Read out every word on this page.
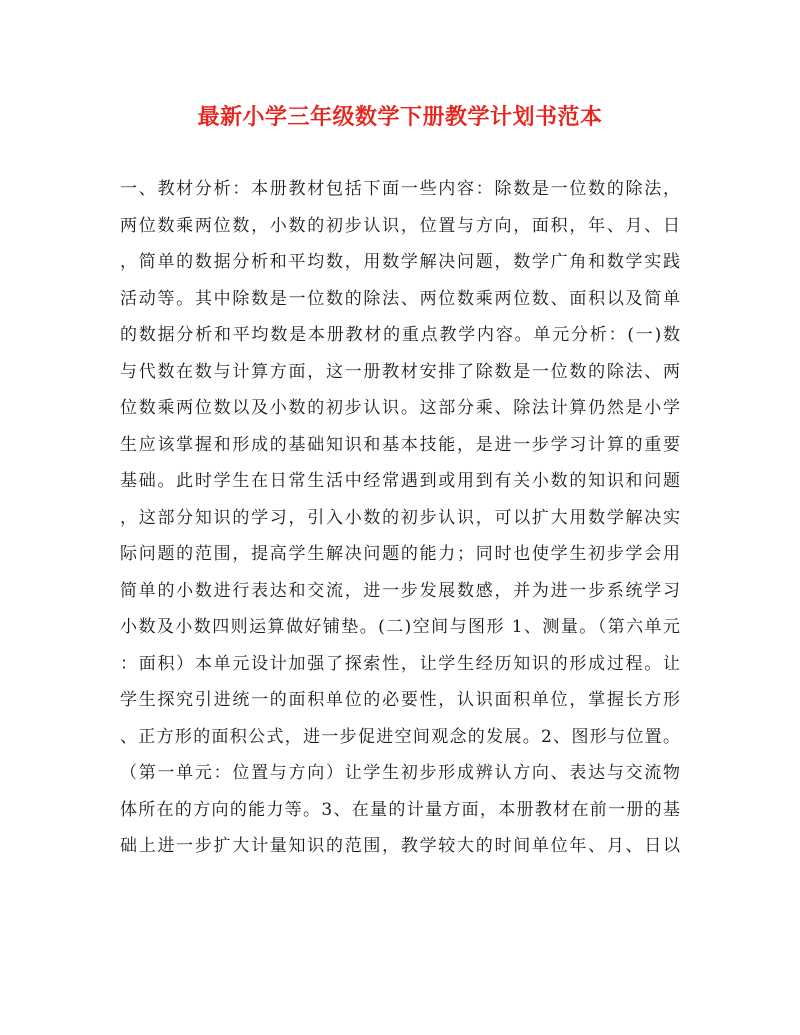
最新小学三年级数学下册教学计划书范本
一、教材分析：本册教材包括下面一些内容：除数是一位数的除法，
两位数乘两位数，小数的初步认识，位置与方向，面积，年、月、日
，简单的数据分析和平均数，用数学解决问题，数学广角和数学实践
活动等。其中除数是一位数的除法、两位数乘两位数、面积以及简单
的数据分析和平均数是本册教材的重点教学内容。单元分析：(一)数
与代数在数与计算方面，这一册教材安排了除数是一位数的除法、两
位数乘两位数以及小数的初步认识。这部分乘、除法计算仍然是小学
生应该掌握和形成的基础知识和基本技能，是进一步学习计算的重要
基础。此时学生在日常生活中经常遇到或用到有关小数的知识和问题
，这部分知识的学习，引入小数的初步认识，可以扩大用数学解决实
际问题的范围，提高学生解决问题的能力；同时也使学生初步学会用
简单的小数进行表达和交流，进一步发展数感，并为进一步系统学习
小数及小数四则运算做好铺垫。(二)空间与图形 1、测量。（第六单元
：面积）本单元设计加强了探索性，让学生经历知识的形成过程。让
学生探究引进统一的面积单位的必要性，认识面积单位，掌握长方形
、正方形的面积公式，进一步促进空间观念的发展。2、图形与位置。
（第一单元：位置与方向）让学生初步形成辨认方向、表达与交流物
体所在的方向的能力等。3、在量的计量方面，本册教材在前一册的基
础上进一步扩大计量知识的范围，教学较大的时间单位年、月、日以
